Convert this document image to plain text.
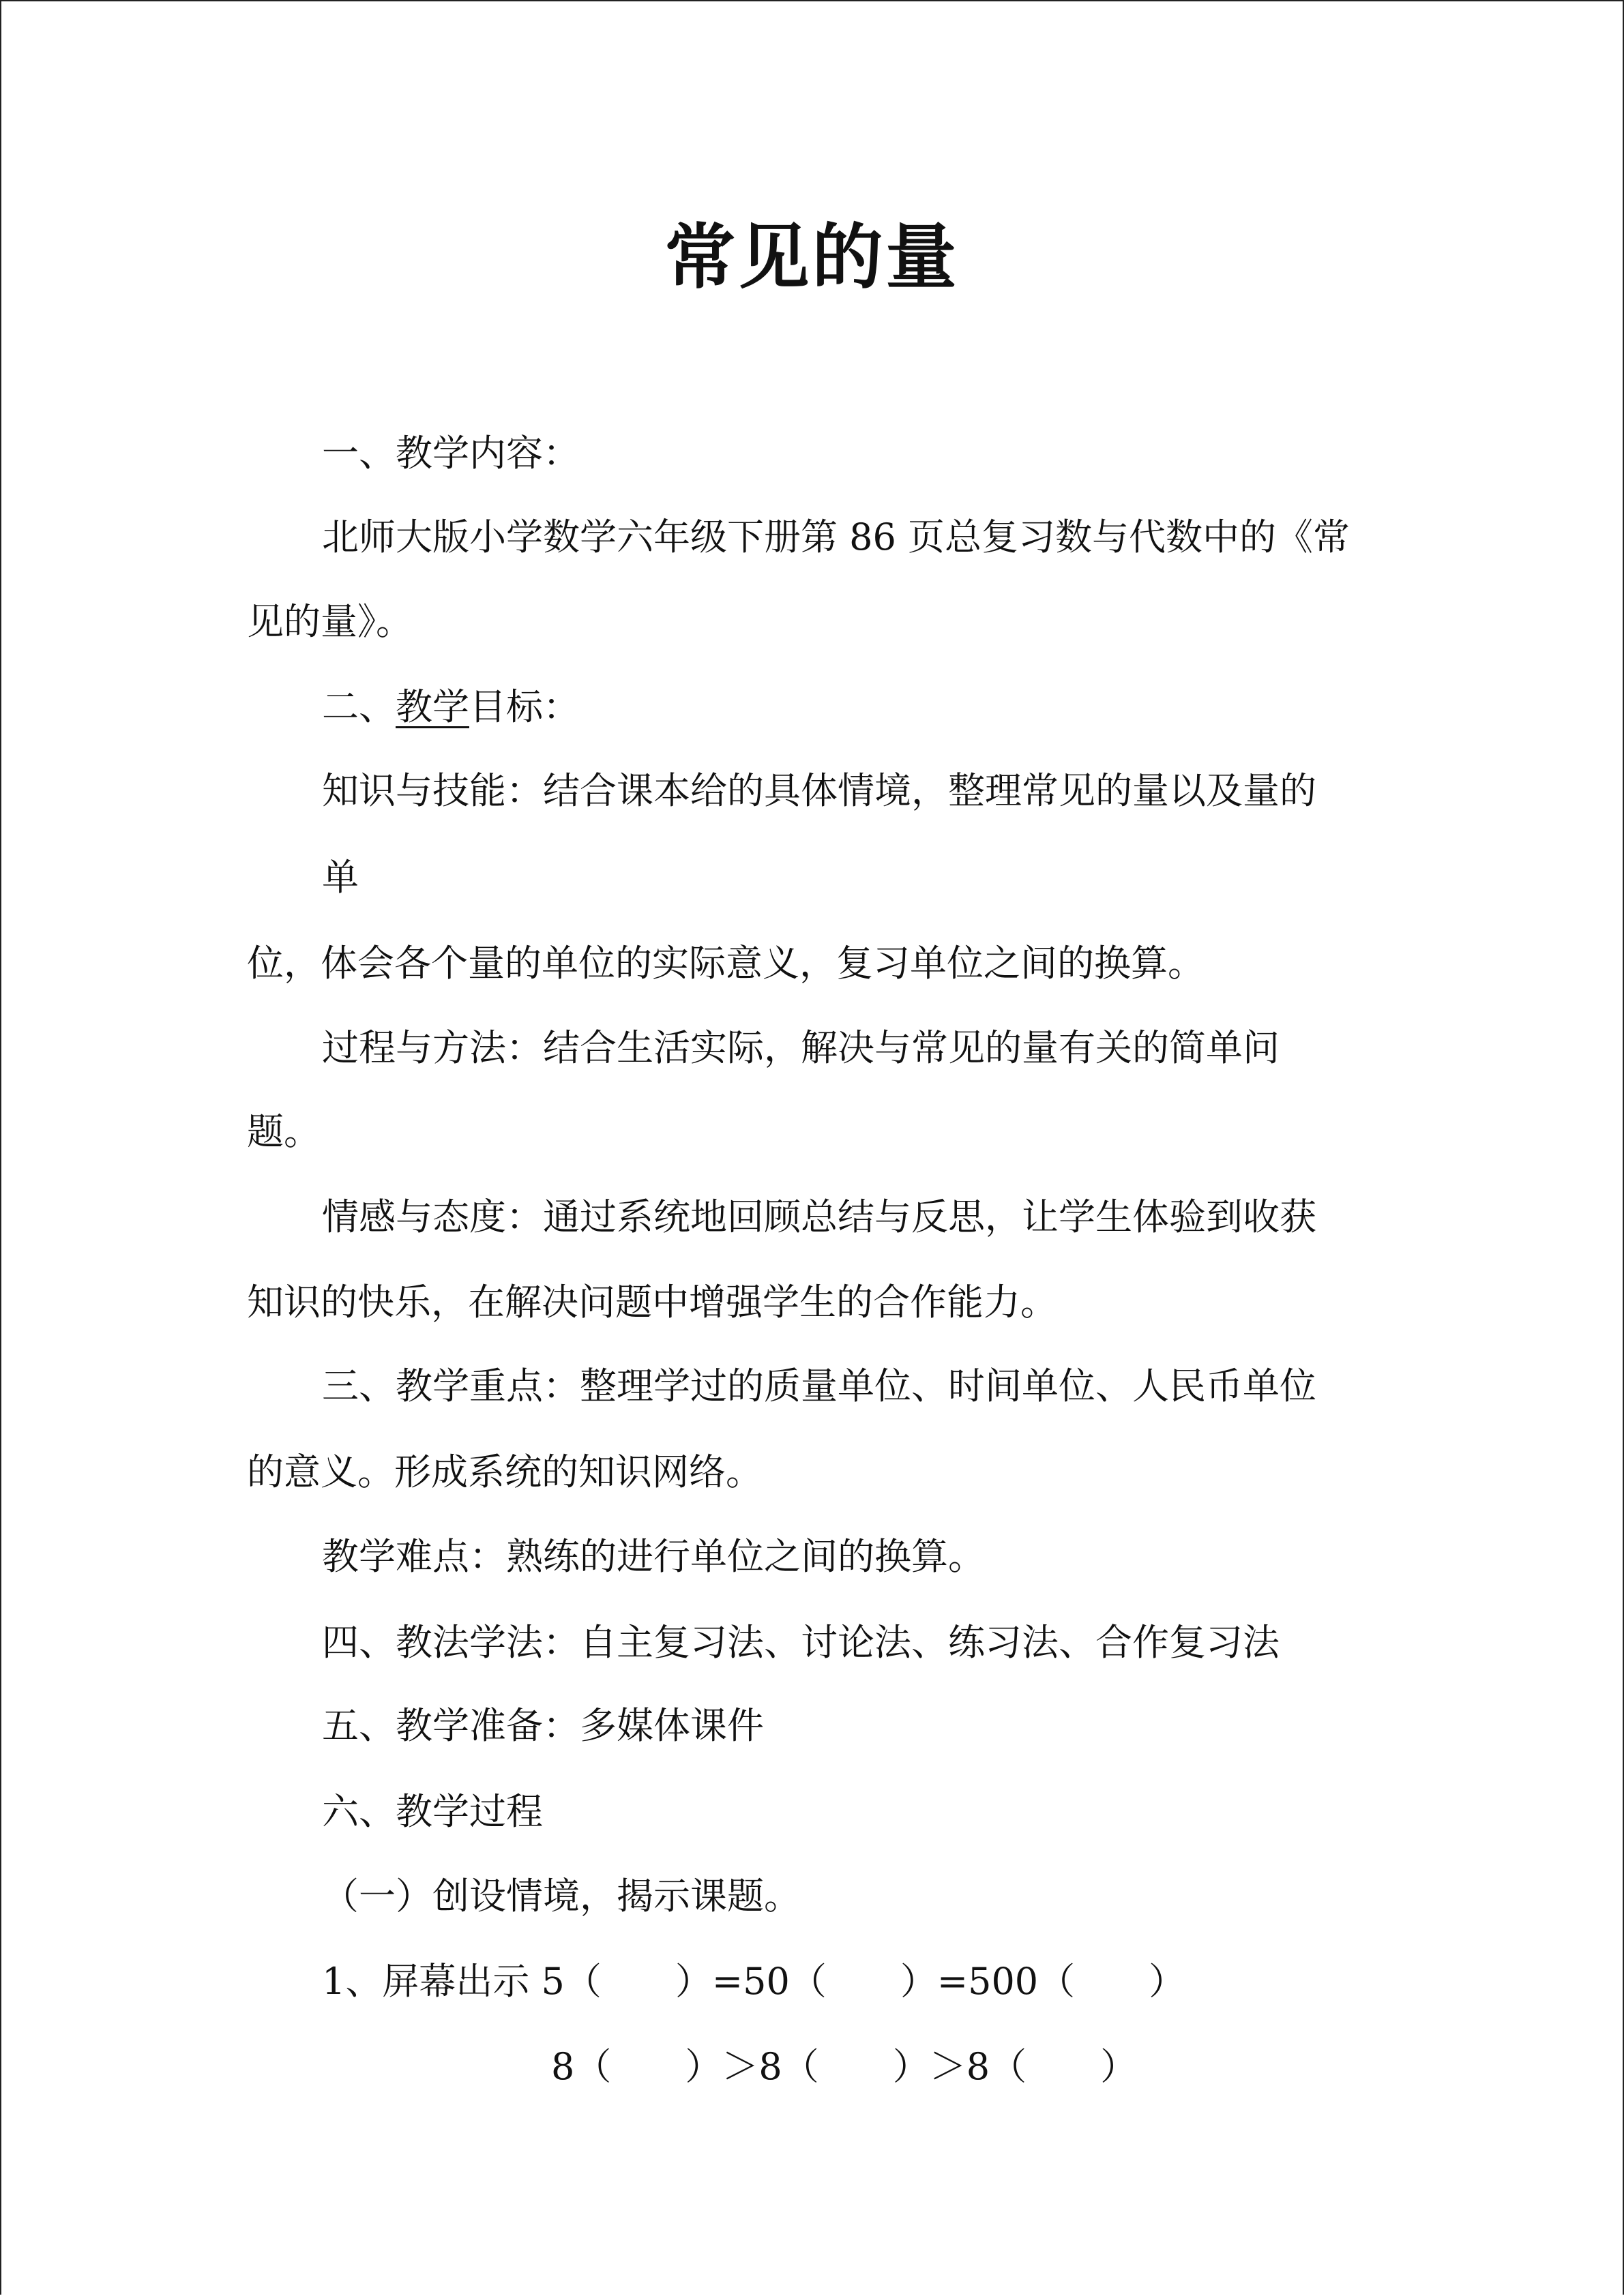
常见的量
一、教学内容：
北师大版小学数学六年级下册第 86 页总复习数与代数中的《常
见的量》。
二、教学目标：
知识与技能：结合课本给的具体情境，整理常见的量以及量的
单
位，体会各个量的单位的实际意义，复习单位之间的换算。
过程与方法：结合生活实际，解决与常见的量有关的简单问
题。
情感与态度：通过系统地回顾总结与反思，让学生体验到收获
知识的快乐，在解决问题中增强学生的合作能力。
三、教学重点：整理学过的质量单位、时间单位、人民币单位
的意义。形成系统的知识网络。
教学难点：熟练的进行单位之间的换算。
四、教法学法：自主复习法、讨论法、练习法、合作复习法
五、教学准备：多媒体课件
六、教学过程
（一）创设情境，揭示课题。
1、屏幕出示 5（　　）=50（　　）=500（　　）
8（　　）＞8（　　）＞8（　　）
